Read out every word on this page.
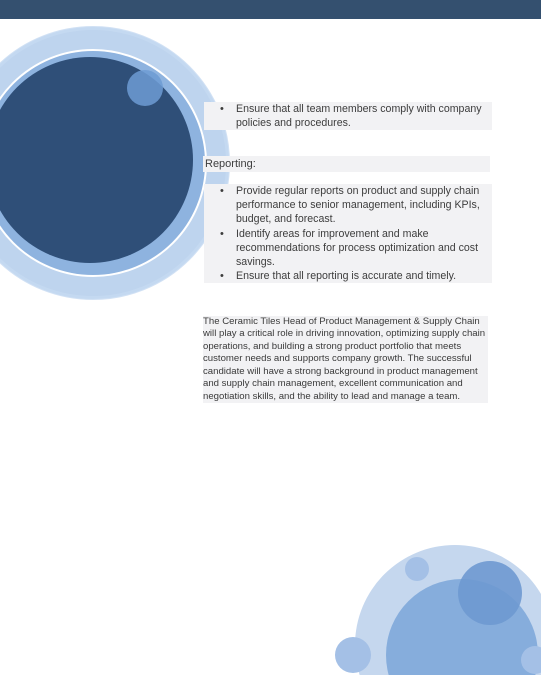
• Ensure that all team members comply with company policies and procedures.
Reporting:
• Provide regular reports on product and supply chain performance to senior management, including KPIs, budget, and forecast.
• Identify areas for improvement and make recommendations for process optimization and cost savings.
• Ensure that all reporting is accurate and timely.

The Ceramic Tiles Head of Product Management & Supply Chain will play a critical role in driving innovation, optimizing supply chain operations, and building a strong product portfolio that meets customer needs and supports company growth. The successful candidate will have a strong background in product management and supply chain management, excellent communication and negotiation skills, and the ability to lead and manage a team.
